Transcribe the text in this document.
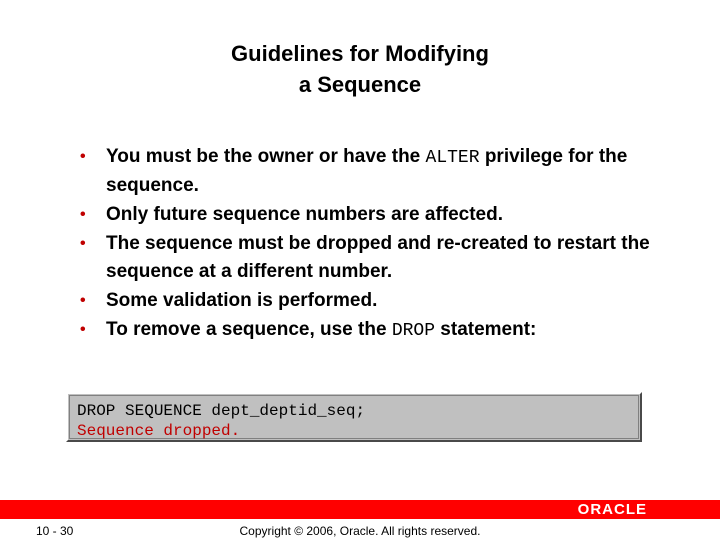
Guidelines for Modifying
a Sequence
• You must be the owner or have the ALTER privilege for the sequence.
• Only future sequence numbers are affected.
• The sequence must be dropped and re-created to restart the sequence at a different number.
• Some validation is performed.
• To remove a sequence, use the DROP statement:
DROP SEQUENCE dept_deptid_seq;
Sequence dropped.
ORACLE
10 - 30	Copyright © 2006, Oracle. All rights reserved.
